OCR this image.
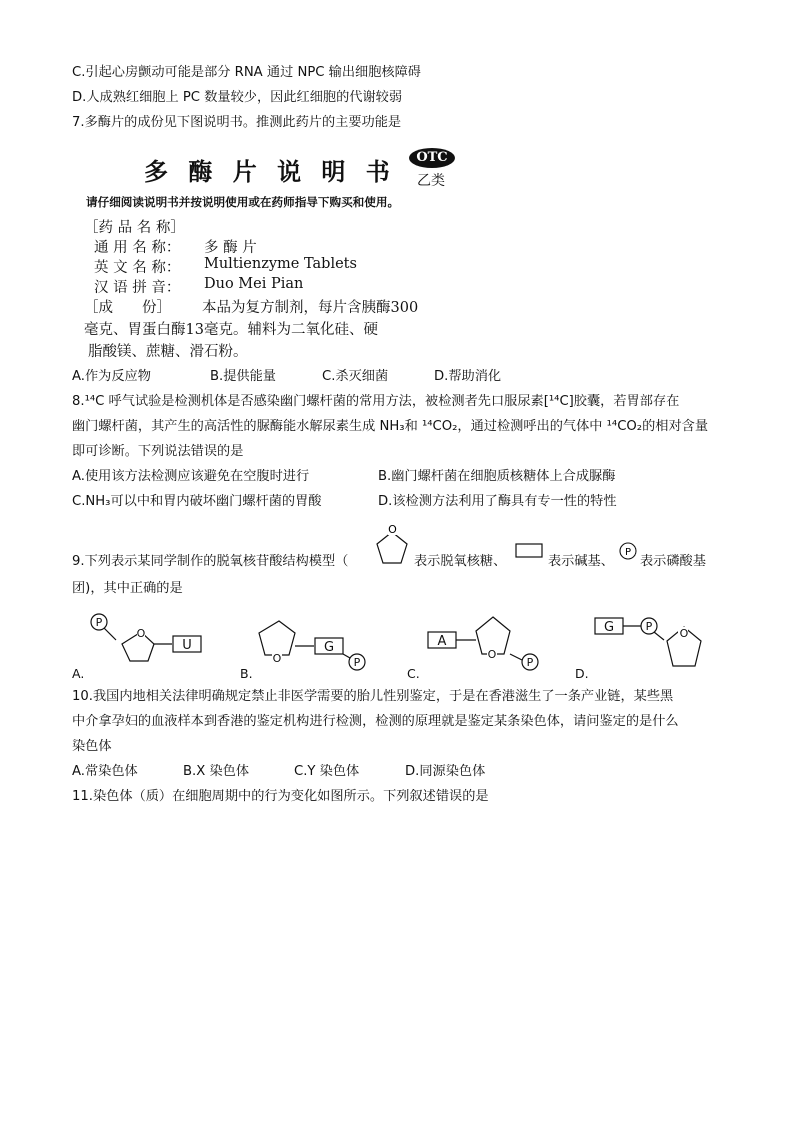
C.引起心房颤动可能是部分 RNA 通过 NPC 输出细胞核障碍
D.人成熟红细胞上 PC 数量较少，因此红细胞的代谢较弱
7.多酶片的成份见下图说明书。推测此药片的主要功能是
多 酶 片 说 明 书	OTC
乙类
请仔细阅读说明书并按说明使用或在药师指导下购买和使用。
［药 品 名 称］
通 用 名 称： 多 酶 片
英 文 名 称： Multienzyme Tablets
汉 语 拼 音： Duo Mei Pian
［成　　份］ 本品为复方制剂，每片含胰酶300
毫克、胃蛋白酶13毫克。辅料为二氧化硅、硬
脂酸镁、蔗糖、滑石粉。
A.作为反应物	B.提供能量	C.杀灭细菌	D.帮助消化
8.¹⁴C 呼气试验是检测机体是否感染幽门螺杆菌的常用方法，被检测者先口服尿素[¹⁴C]胶囊，若胃部存在
幽门螺杆菌，其产生的高活性的脲酶能水解尿素生成 NH₃和 ¹⁴CO₂，通过检测呼出的气体中 ¹⁴CO₂的相对含量
即可诊断。下列说法错误的是
A.使用该方法检测应该避免在空腹时进行	B.幽门螺杆菌在细胞质核糖体上合成脲酶
C.NH₃可以中和胃内破坏幽门螺杆菌的胃酸	D.该检测方法利用了酶具有专一性的特性
9.下列表示某同学制作的脱氧核苷酸结构模型（
O
表示脱氧核糖、	表示碱基、
P
表示磷酸基
团)，其中正确的是
P
O
U
O
G
P
A
O
P
G	P
O
A.	B.	C.	D.
10.我国内地相关法律明确规定禁止非医学需要的胎儿性别鉴定，于是在香港滋生了一条产业链，某些黑
中介拿孕妇的血液样本到香港的鉴定机构进行检测，检测的原理就是鉴定某条染色体，请问鉴定的是什么
染色体
A.常染色体	B.X 染色体	C.Y 染色体	D.同源染色体
11.染色体（质）在细胞周期中的行为变化如图所示。下列叙述错误的是
